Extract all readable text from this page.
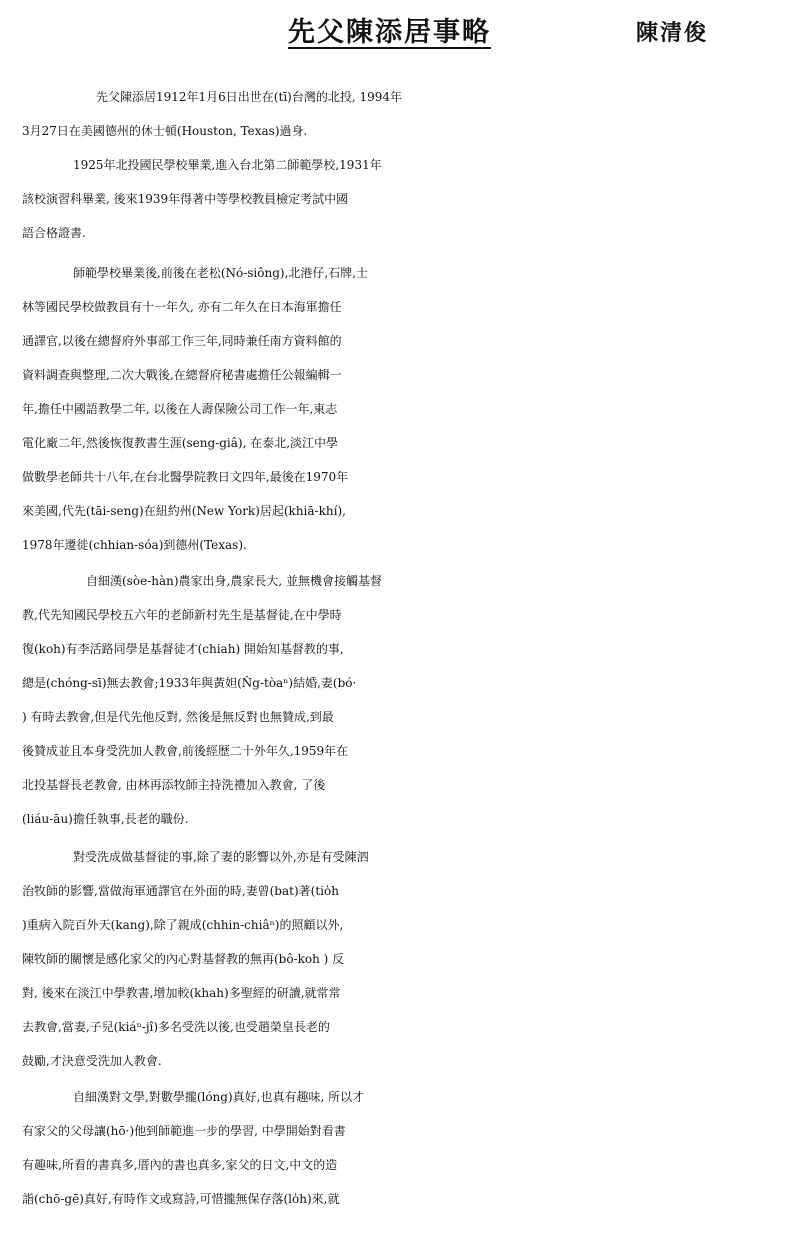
先父陳添居事略	陳清俊
先父陳添居1912年1月6日出世在(tī)台灣的北投, 1994年
3月27日在美國德州的休士頓(Houston, Texas)過身.
1925年北投國民學校畢業,進入台北第二師範學校,1931年
該校演習科畢業, 後來1939年得著中等學校教員檢定考試中國
語合格證書.
師範學校畢業後,前後在老松(Nó-siông),北港仔,石牌,士
林等國民學校做教員有十一年久, 亦有二年久在日本海軍擔任
通譯官,以後在總督府外事部工作三年,同時兼任南方資料館的
資料調查與整理,二次大戰後,在總督府秘書處擔任公報編輯一
年,擔任中國語教學二年, 以後在人壽保險公司工作一年,東志
電化廠二年,然後恢復教書生涯(seng-giâ), 在泰北,淡江中學
做數學老師共十八年,在台北醫學院教日文四年,最後在1970年
來美國,代先(tāi-seng)在紐約州(New York)居起(khiā-khí),
1978年遷徙(chhian-sóa)到德州(Texas).
自細漢(sòe-hàn)農家出身,農家長大, 並無機會接觸基督
教,代先知國民學校五六年的老師新村先生是基督徒,在中學時
復(koh)有李活路同學是基督徒才(chiah) 開始知基督教的事,
總是(chóng-sī)無去教會;1933年與黃妲(N̂g-tòaⁿ)結婚,妻(bó·
) 有時去教會,但是代先他反對, 然後是無反對也無贊成,到最
後贊成並且本身受洗加人教會,前後經歷二十外年久,1959年在
北投基督長老教會, 由林再添牧師主持洗禮加入教會, 了後
(liáu-āu)擔任執事,長老的職份.
對受洗成做基督徒的事,除了妻的影響以外,亦是有受陳泗
治牧師的影響,當做海軍通譯官在外面的時,妻曾(bat)著(tio̍h
)重病入院百外天(kang),除了親成(chhin-chiâⁿ)的照顧以外,
陳牧師的關懷是感化家父的內心對基督教的無再(bô-koh ) 反
對, 後來在淡江中學教書,增加較(khah)多聖經的研讀,就常常
去教會,當妻,子兒(kiáⁿ-jî)多名受洗以後,也受趙榮皇長老的
鼓勵,才決意受洗加人教會.
自細漢對文學,對數學攏(lóng)真好,也真有趣味, 所以才
有家父的父母讓(hō·)他到師範進一步的學習, 中學開始對看書
有趣味,所看的書真多,厝內的書也真多,家父的日文,中文的造
詣(chō-gē)真好,有時作文或寫詩,可惜攏無保存落(lo̍h)來,就
